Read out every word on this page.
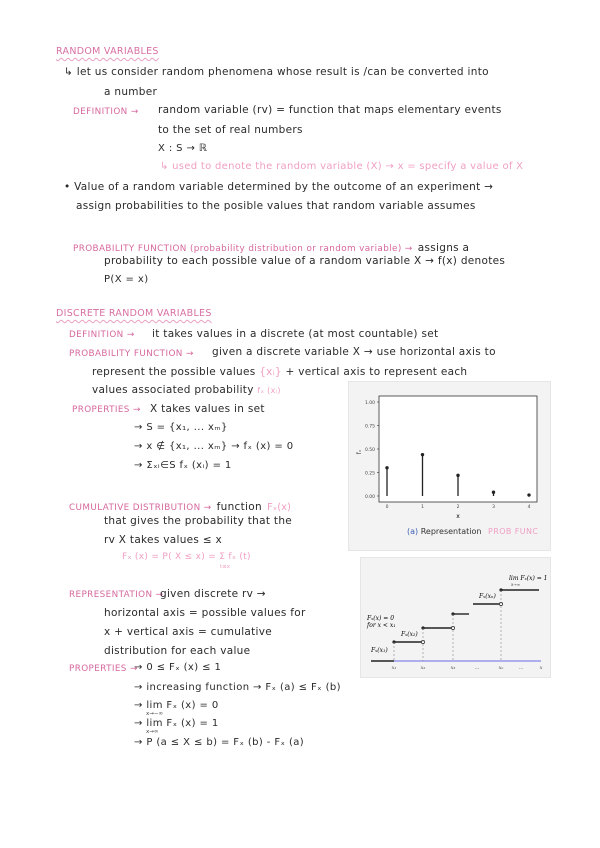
RANDOM VARIABLES
↳ let us consider random phenomena whose result is /can be converted into
a number
DEFINITION → random variable (rv) = function that maps elementary events
to the set of real numbers
X : S → ℝ
↳ used to denote the random variable (X) → x = specify a value of X
• Value of a random variable determined by the outcome of an experiment →
assign probabilities to the posible values that random variable assumes
PROBABILITY FUNCTION (probability distribution or random variable) → assigns a
probability to each possible value of a random variable X → f(x) denotes
P(X = x)
DISCRETE RANDOM VARIABLES
DEFINITION → it takes values in a discrete (at most countable) set
PROBABILITY FUNCTION → given a discrete variable X → use horizontal axis to
represent the possible values {xᵢ} + vertical axis to represent each
values associated probability fₓ (xᵢ)
PROPERTIES → X takes values in set
→ S = {x₁, ... xₘ}
→ x ∉ {x₁, ... xₘ} → fₓ (x) = 0
→ Σₓᵢ∈S fₓ (xᵢ) = 1
CUMULATIVE DISTRIBUTION → function Fₓ(x)
that gives the probability that the
rv X takes values ≤ x
Fₓ (x) = P( X ≤ x) = Σ fₓ (t)
t≤x
REPRESENTATION →
given discrete rv →
horizontal axis = possible values for
x + vertical axis = cumulative
distribution for each value
PROPERTIES →
→ 0 ≤ Fₓ (x) ≤ 1
→ increasing function → Fₓ (a) ≤ Fₓ (b)
→ lim Fₓ (x) = 0
x→−∞
→ lim Fₓ (x) = 1
x→∞
→ P (a ≤ X ≤ b) = Fₓ (b) - Fₓ (a)
0.00
0.25
0.50
0.75
1.00
0	1	2	3	4
x
fₓ
(a) Representation PROB FUNC
lim Fₓ(x) = 1
x→∞
Fₓ(xₙ)
Fₓ(x) = 0
for x < x₁
Fₓ(x₂)
Fₓ(x₁)
x₁	x₂	x₃	...	xₙ	...	x
